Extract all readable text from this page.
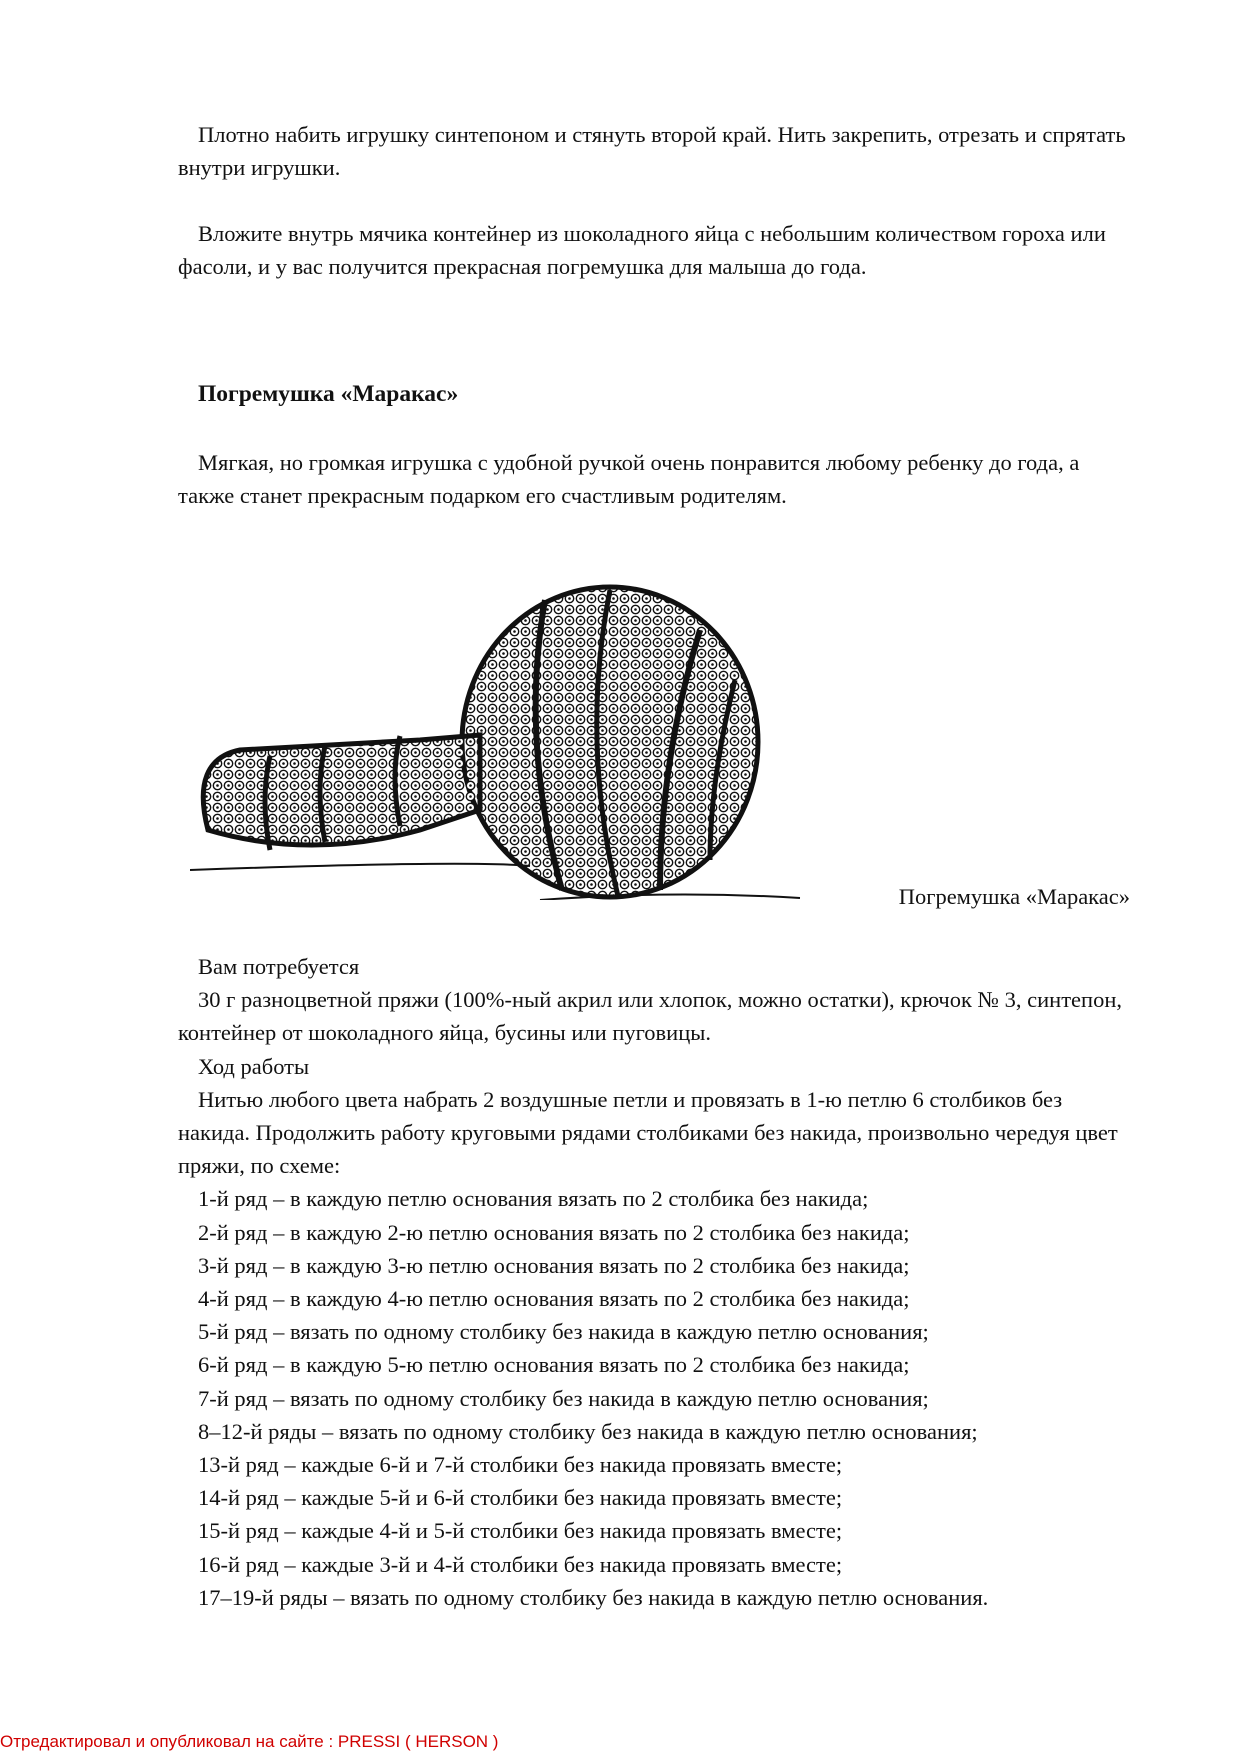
Плотно набить игрушку синтепоном и стянуть второй край. Нить закрепить, отрезать и спрятать внутри игрушки.

Вложите внутрь мячика контейнер из шоколадного яйца с небольшим количеством гороха или фасоли, и у вас получится прекрасная погремушка для малыша до года.

Погремушка «Маракас»

Мягкая, но громкая игрушка с удобной ручкой очень понравится любому ребенку до года, а также станет прекрасным подарком его счастливым родителям.

Погремушка «Маракас»

Вам потребуется

30 г разноцветной пряжи (100%-ный акрил или хлопок, можно остатки), крючок № 3, синтепон, контейнер от шоколадного яйца, бусины или пуговицы.

Ход работы

Нитью любого цвета набрать 2 воздушные петли и провязать в 1-ю петлю 6 столбиков без накида. Продолжить работу круговыми рядами столбиками без накида, произвольно чередуя цвет пряжи, по схеме:

1-й ряд – в каждую петлю основания вязать по 2 столбика без накида;

2-й ряд – в каждую 2-ю петлю основания вязать по 2 столбика без накида;

3-й ряд – в каждую 3-ю петлю основания вязать по 2 столбика без накида;

4-й ряд – в каждую 4-ю петлю основания вязать по 2 столбика без накида;

5-й ряд – вязать по одному столбику без накида в каждую петлю основания;

6-й ряд – в каждую 5-ю петлю основания вязать по 2 столбика без накида;

7-й ряд – вязать по одному столбику без накида в каждую петлю основания;

8–12-й ряды – вязать по одному столбику без накида в каждую петлю основания;

13-й ряд – каждые 6-й и 7-й столбики без накида провязать вместе;

14-й ряд – каждые 5-й и 6-й столбики без накида провязать вместе;

15-й ряд – каждые 4-й и 5-й столбики без накида провязать вместе;

16-й ряд – каждые 3-й и 4-й столбики без накида провязать вместе;

17–19-й ряды – вязать по одному столбику без накида в каждую петлю основания.

Отредактировал и опубликовал на сайте : PRESSI ( HERSON )
